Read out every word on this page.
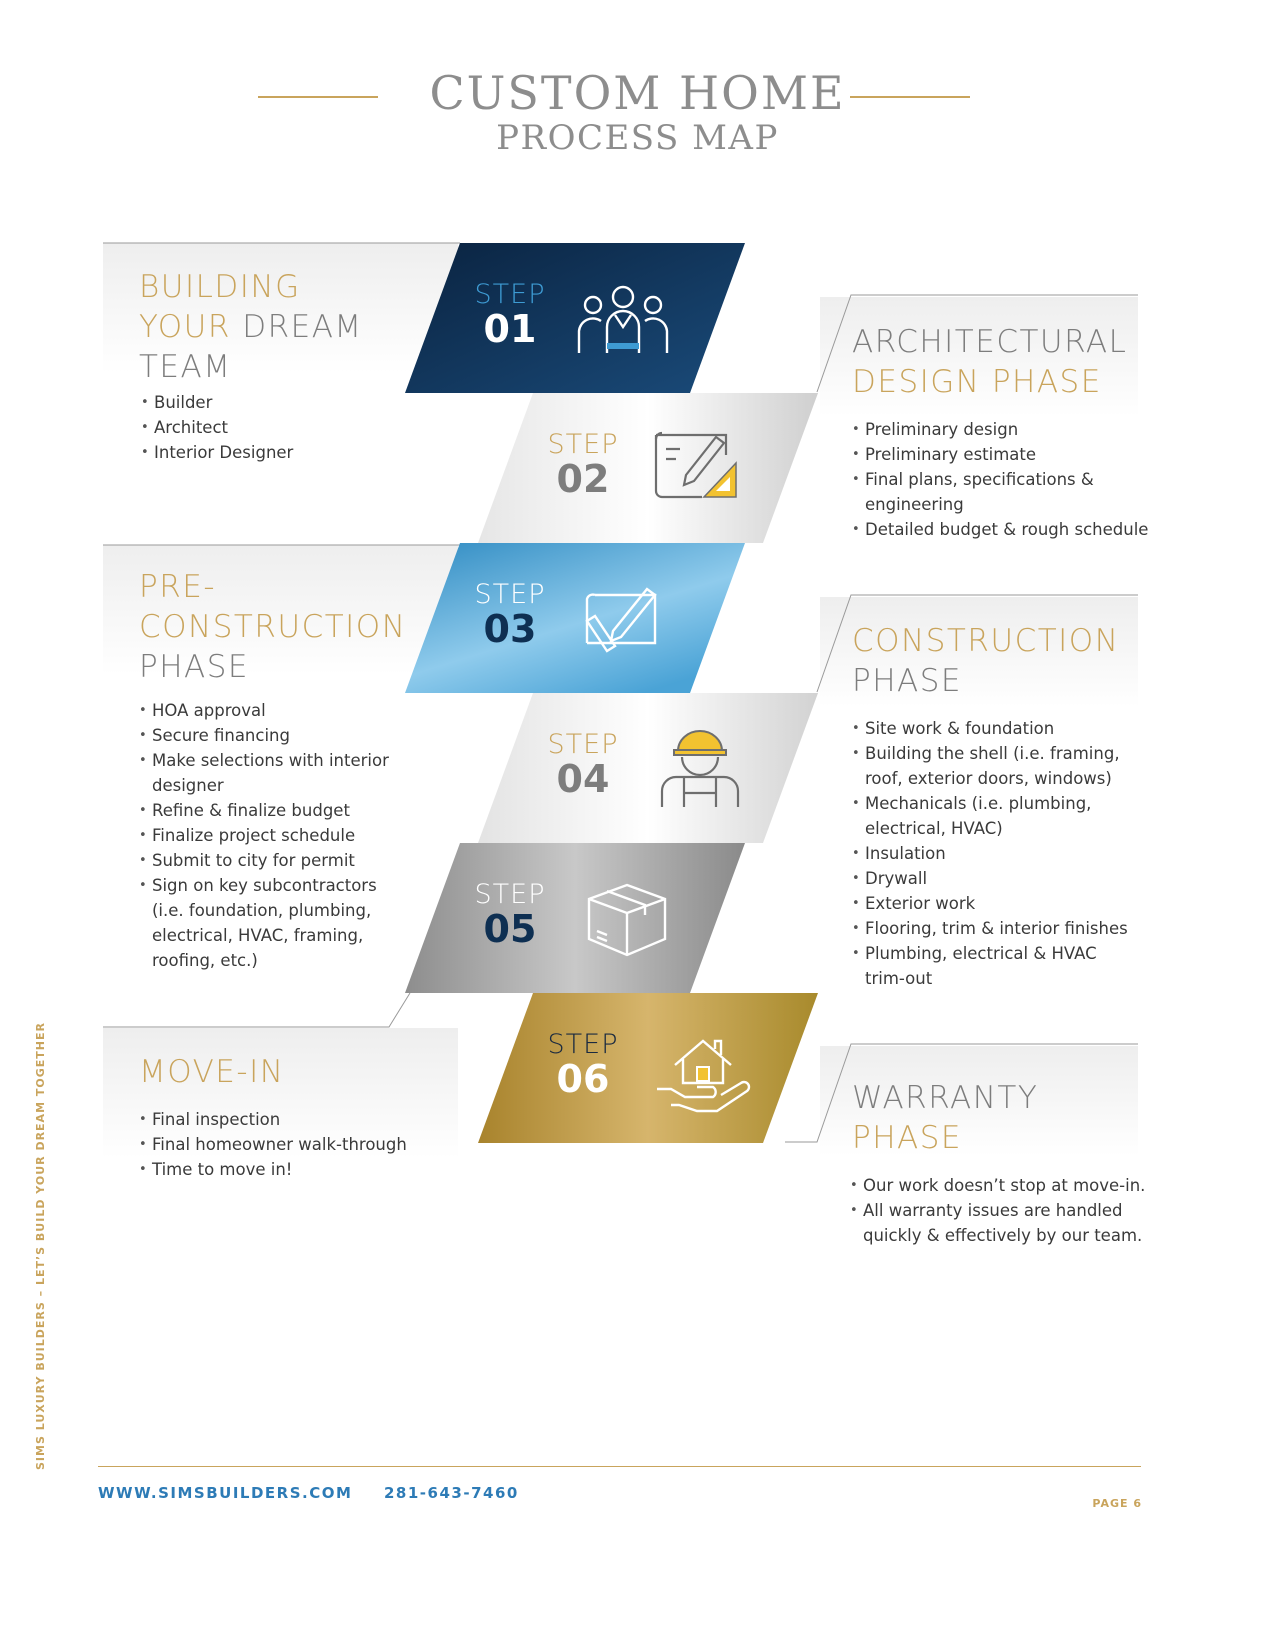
CUSTOM HOME
PROCESS MAP
STEP
01
STEP
02
STEP
03
STEP
04
STEP
05
STEP
06
BUILDING
YOUR DREAM
TEAM
• Builder
• Architect
• Interior Designer
ARCHITECTURAL
DESIGN PHASE
• Preliminary design
• Preliminary estimate
• Final plans, specifications &
engineering
• Detailed budget & rough schedule
PRE-
CONSTRUCTION
PHASE
• HOA approval
• Secure financing
• Make selections with interior
designer
• Refine & finalize budget
• Finalize project schedule
• Submit to city for permit
• Sign on key subcontractors
(i.e. foundation, plumbing,
electrical, HVAC, framing,
roofing, etc.)
CONSTRUCTION
PHASE
• Site work & foundation
• Building the shell (i.e. framing,
roof, exterior doors, windows)
• Mechanicals (i.e. plumbing,
electrical, HVAC)
• Insulation
• Drywall
• Exterior work
• Flooring, trim & interior finishes
• Plumbing, electrical & HVAC
trim-out
MOVE-IN
• Final inspection
• Final homeowner walk-through
• Time to move in!
WARRANTY
PHASE
• Our work doesn’t stop at move-in.
• All warranty issues are handled
quickly & effectively by our team.
SIMS LUXURY BUILDERS – LET’S BUILD YOUR DREAM TOGETHER
WWW.SIMSBUILDERS.COM 281-643-7460
PAGE 6
